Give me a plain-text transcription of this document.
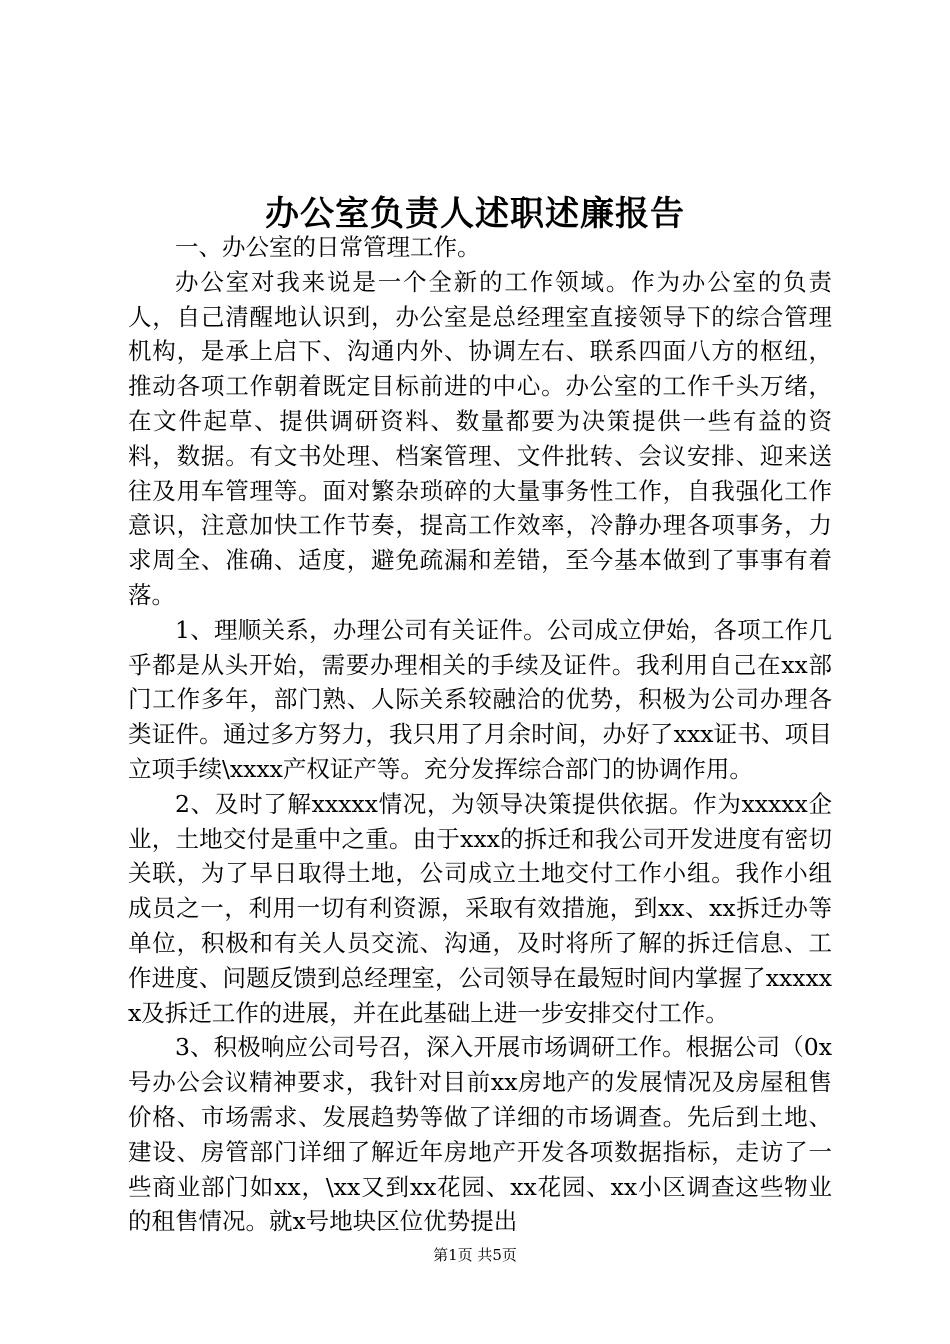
办公室负责人述职述廉报告

一、办公室的日常管理工作。

办公室对我来说是一个全新的工作领域。作为办公室的负责人，自己清醒地认识到，办公室是总经理室直接领导下的综合管理机构，是承上启下、沟通内外、协调左右、联系四面八方的枢纽，推动各项工作朝着既定目标前进的中心。办公室的工作千头万绪，在文件起草、提供调研资料、数量都要为决策提供一些有益的资料，数据。有文书处理、档案管理、文件批转、会议安排、迎来送往及用车管理等。面对繁杂琐碎的大量事务性工作，自我强化工作意识，注意加快工作节奏，提高工作效率，冷静办理各项事务，力求周全、准确、适度，避免疏漏和差错，至今基本做到了事事有着落。

1、理顺关系，办理公司有关证件。公司成立伊始，各项工作几乎都是从头开始，需要办理相关的手续及证件。我利用自己在xx部门工作多年，部门熟、人际关系较融洽的优势，积极为公司办理各类证件。通过多方努力，我只用了月余时间，办好了xxx证书、项目立项手续\xxxx产权证产等。充分发挥综合部门的协调作用。

2、及时了解xxxxx情况，为领导决策提供依据。作为xxxxx企业，土地交付是重中之重。由于xxx的拆迁和我公司开发进度有密切关联，为了早日取得土地，公司成立土地交付工作小组。我作小组成员之一，利用一切有利资源，采取有效措施，到xx、xx拆迁办等单位，积极和有关人员交流、沟通，及时将所了解的拆迁信息、工作进度、问题反馈到总经理室，公司领导在最短时间内掌握了xxxxxx及拆迁工作的进展，并在此基础上进一步安排交付工作。

3、积极响应公司号召，深入开展市场调研工作。根据公司（0x号办公会议精神要求，我针对目前xx房地产的发展情况及房屋租售价格、市场需求、发展趋势等做了详细的市场调查。先后到土地、建设、房管部门详细了解近年房地产开发各项数据指标，走访了一些商业部门如xx，\xx又到xx花园、xx花园、xx小区调查这些物业的租售情况。就x号地块区位优势提出

第1页 共5页
